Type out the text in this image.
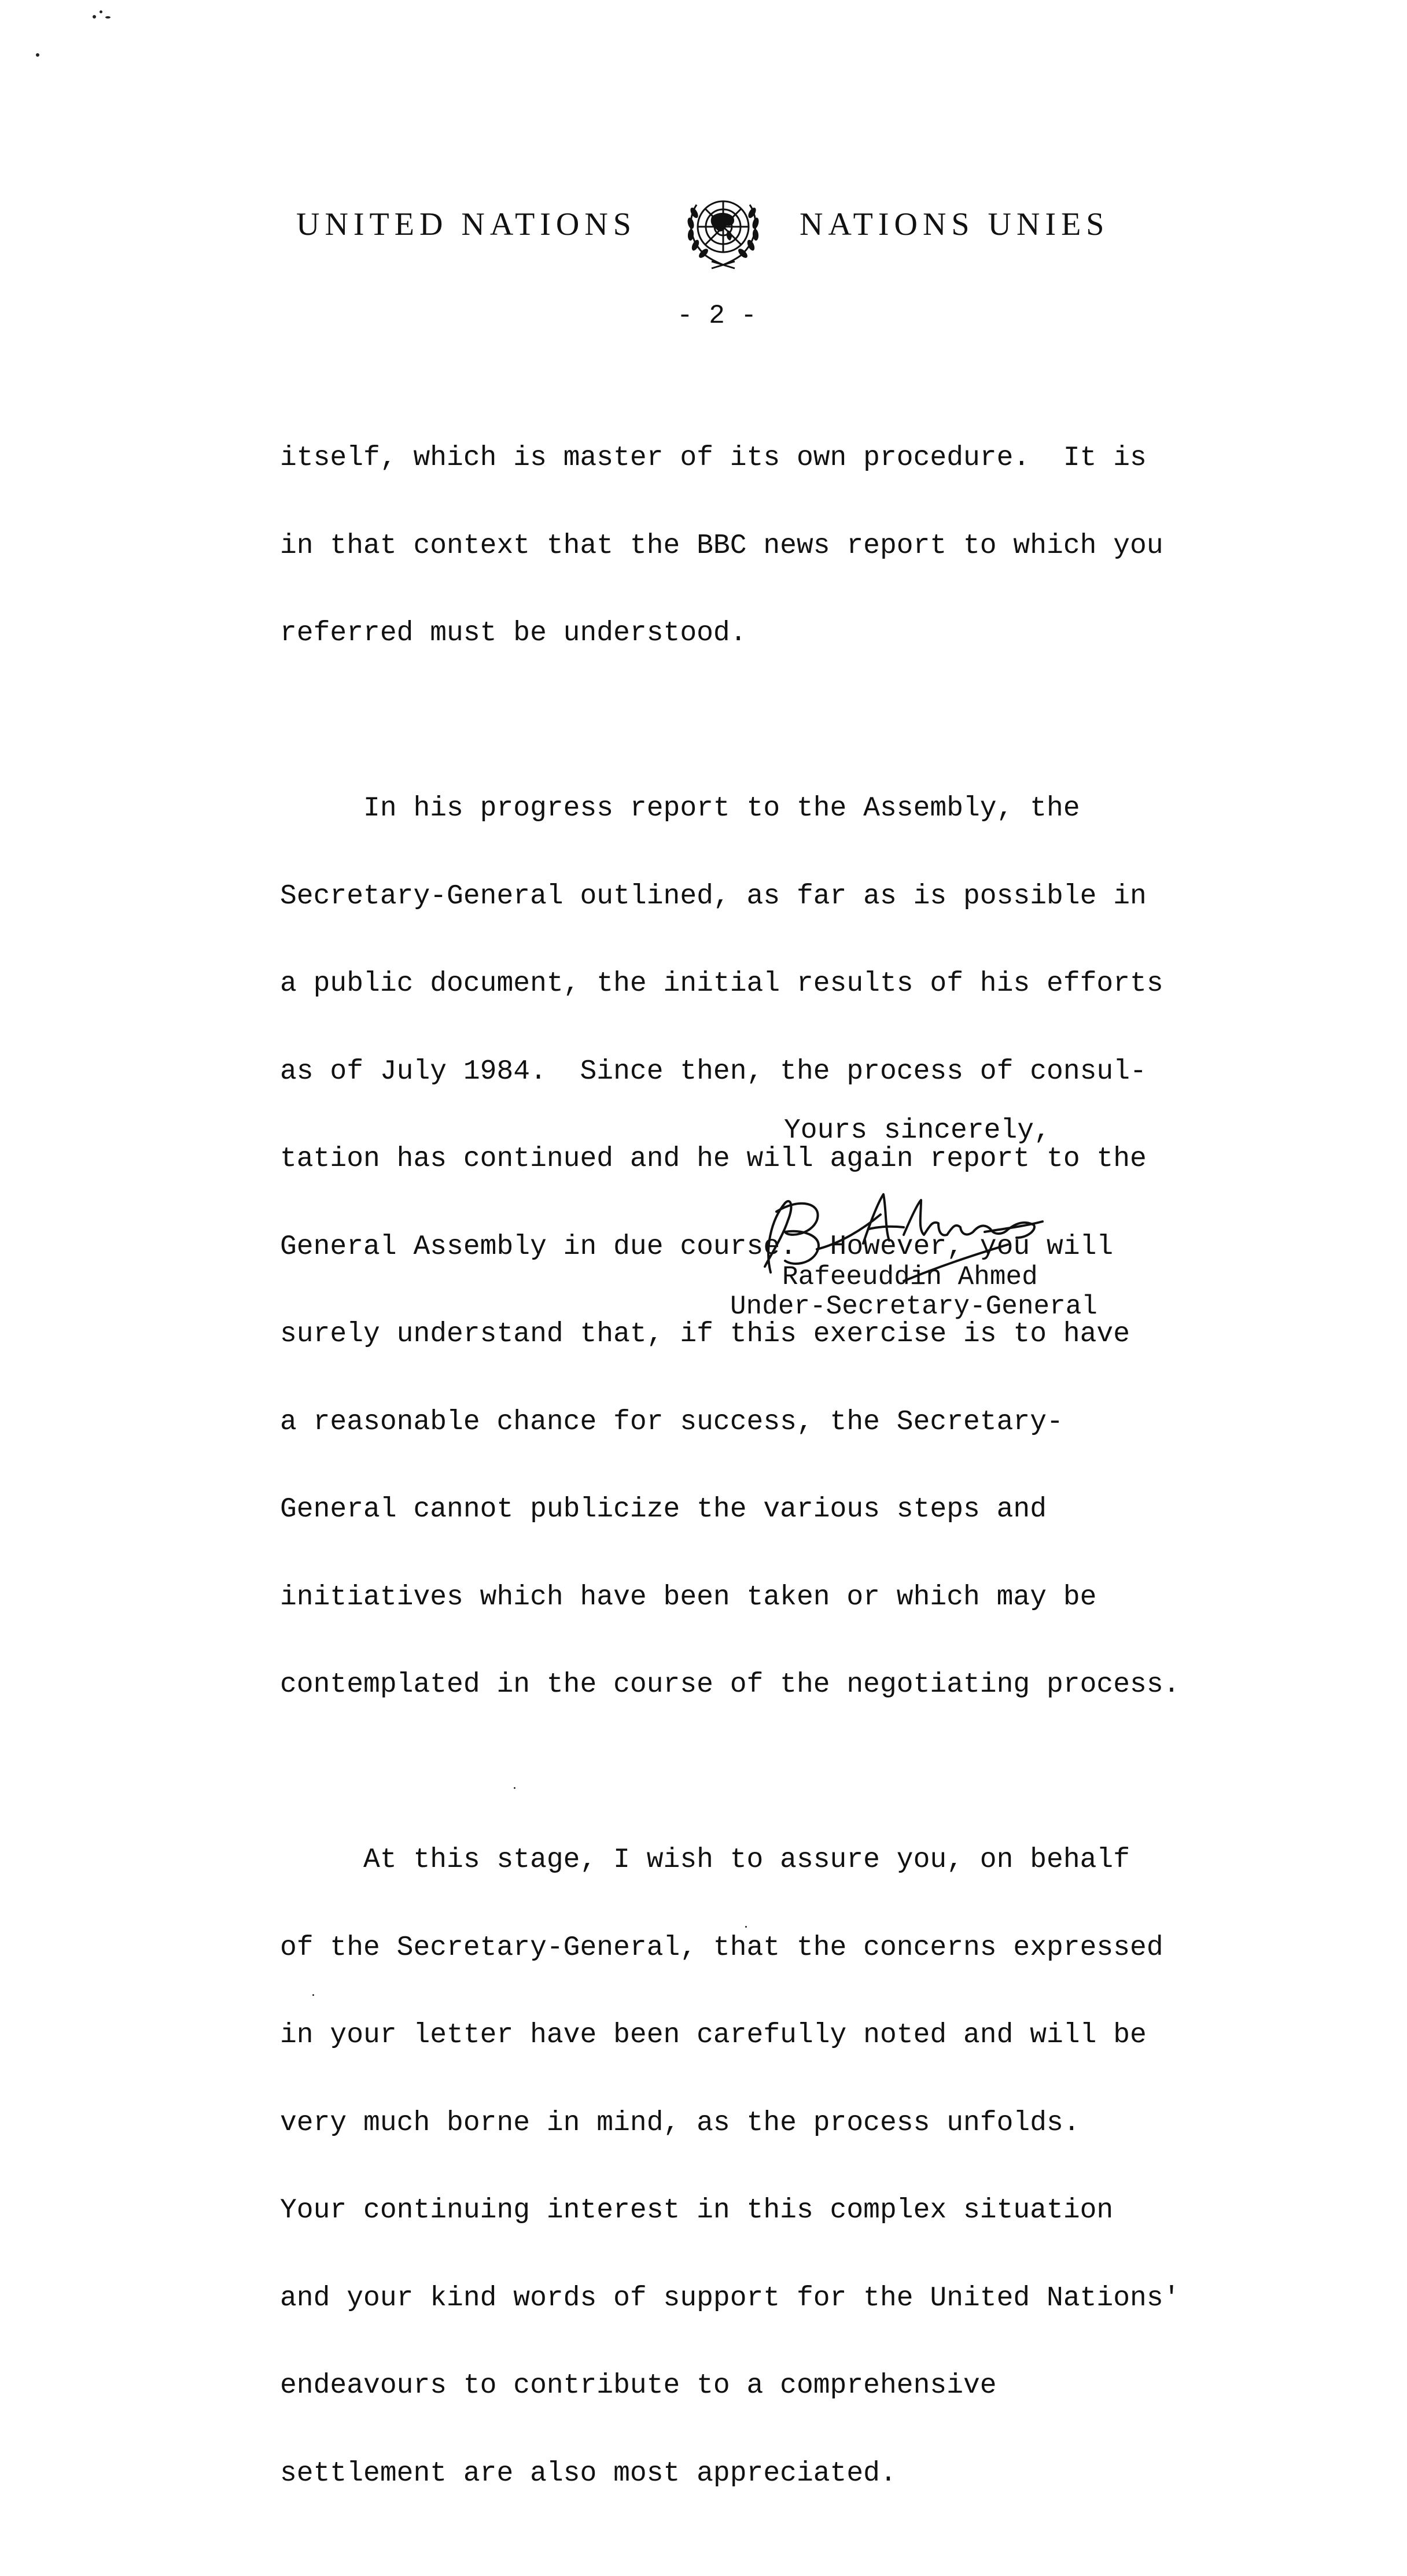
UNITED NATIONS	NATIONS UNIES
- 2 -

itself, which is master of its own procedure.  It is

in that context that the BBC news report to which you

referred must be understood.

In his progress report to the Assembly, the

Secretary-General outlined, as far as is possible in

a public document, the initial results of his efforts

as of July 1984.  Since then, the process of consul-

tation has continued and he will again report to the

General Assembly in due course.  However, you will

surely understand that, if this exercise is to have

a reasonable chance for success, the Secretary-

General cannot publicize the various steps and

initiatives which have been taken or which may be

contemplated in the course of the negotiating process.

At this stage, I wish to assure you, on behalf

of the Secretary-General, that the concerns expressed

in your letter have been carefully noted and will be

very much borne in mind, as the process unfolds.

Your continuing interest in this complex situation

and your kind words of support for the United Nations'

endeavours to contribute to a comprehensive

settlement are also most appreciated.

Yours sincerely,
Rafeeuddin Ahmed
Under-Secretary-General
